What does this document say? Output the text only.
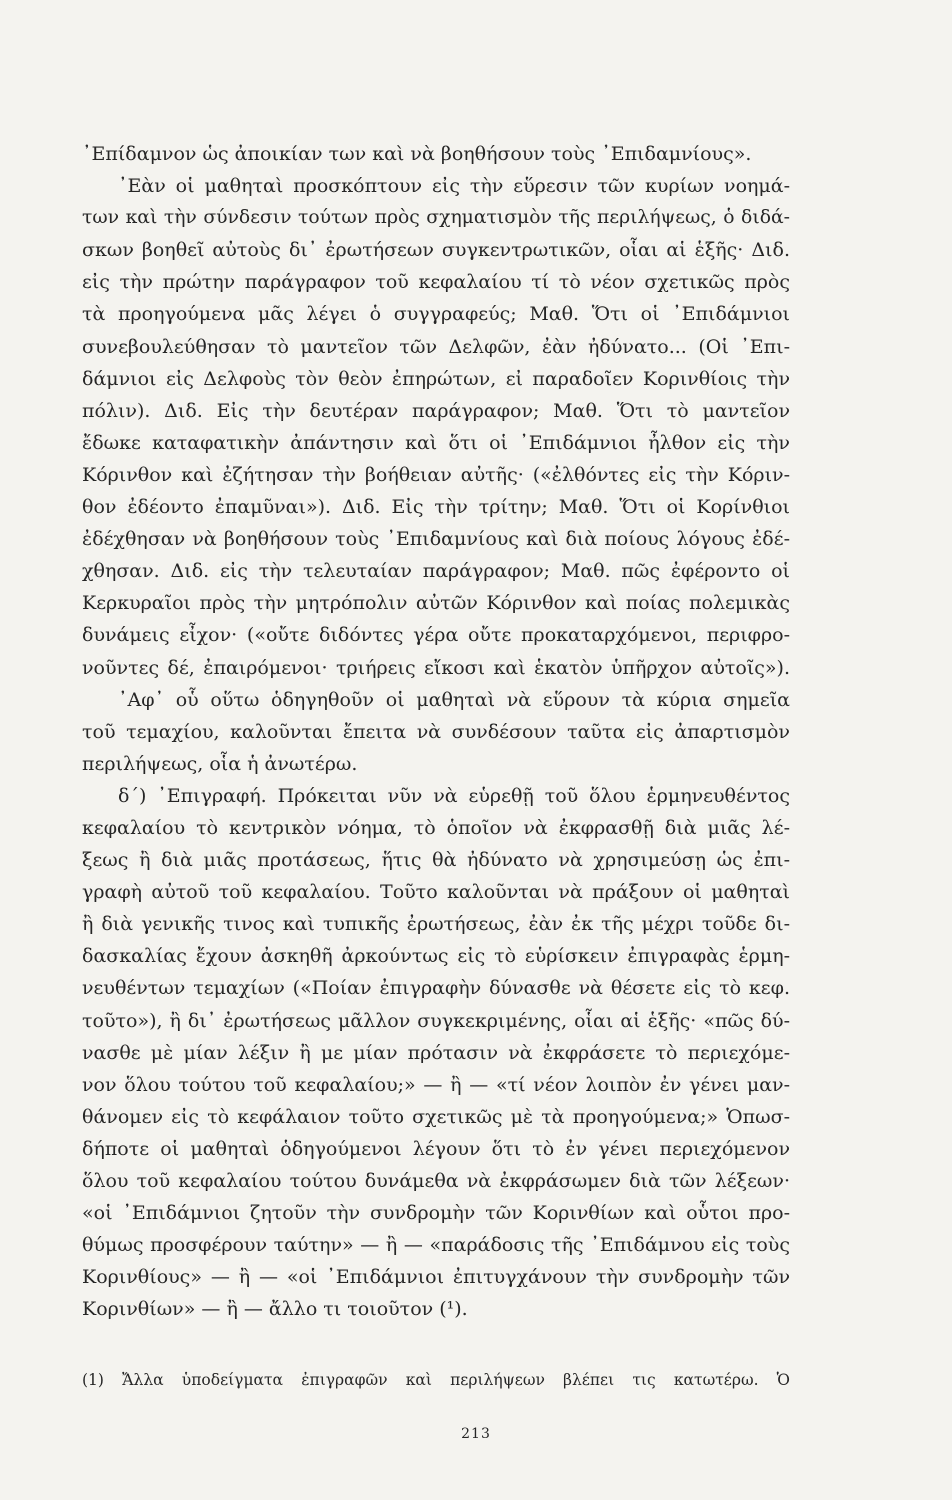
᾿Επίδαμνον ὡς ἀποικίαν των καὶ νὰ βοηθήσουν τοὺς ᾿Επιδαμνίους».
᾿Εὰν οἱ μαθηταὶ προσκόπτουν εἰς τὴν εὕρεσιν τῶν κυρίων νοημά-
των καὶ τὴν σύνδεσιν τούτων πρὸς σχηματισμὸν τῆς περιλήψεως, ὁ διδά-
σκων βοηθεῖ αὐτοὺς δι᾿ ἐρωτήσεων συγκεντρωτικῶν, οἷαι αἱ ἑξῆς· Διδ.
εἰς τὴν πρώτην παράγραφον τοῦ κεφαλαίου τί τὸ νέον σχετικῶς πρὸς
τὰ προηγούμενα μᾶς λέγει ὁ συγγραφεύς; Μαθ. Ὅτι οἱ ᾿Επιδάμνιοι
συνεβουλεύθησαν τὸ μαντεῖον τῶν Δελφῶν, ἐὰν ἠδύνατο... (Οἱ ᾿Επι-
δάμνιοι εἰς Δελφοὺς τὸν θεὸν ἐπηρώτων, εἰ παραδοῖεν Κορινθίοις τὴν
πόλιν). Διδ. Εἰς τὴν δευτέραν παράγραφον; Μαθ. Ὅτι τὸ μαντεῖον
ἔδωκε καταφατικὴν ἀπάντησιν καὶ ὅτι οἱ ᾿Επιδάμνιοι ἦλθον εἰς τὴν
Κόρινθον καὶ ἐζήτησαν τὴν βοήθειαν αὐτῆς· («ἐλθόντες εἰς τὴν Κόριν-
θον ἐδέοντο ἐπαμῦναι»). Διδ. Εἰς τὴν τρίτην; Μαθ. Ὅτι οἱ Κορίνθιοι
ἐδέχθησαν νὰ βοηθήσουν τοὺς ᾿Επιδαμνίους καὶ διὰ ποίους λόγους ἐδέ-
χθησαν. Διδ. εἰς τὴν τελευταίαν παράγραφον; Μαθ. πῶς ἐφέροντο οἱ
Κερκυραῖοι πρὸς τὴν μητρόπολιν αὐτῶν Κόρινθον καὶ ποίας πολεμικὰς
δυνάμεις εἶχον· («οὔτε διδόντες γέρα οὔτε προκαταρχόμενοι, περιφρο-
νοῦντες δέ, ἐπαιρόμενοι· τριήρεις εἴκοσι καὶ ἑκατὸν ὑπῆρχον αὐτοῖς»).
᾿Αφ᾿ οὗ οὕτω ὁδηγηθοῦν οἱ μαθηταὶ νὰ εὕρουν τὰ κύρια σημεῖα
τοῦ τεμαχίου, καλοῦνται ἔπειτα νὰ συνδέσουν ταῦτα εἰς ἀπαρτισμὸν
περιλήψεως, οἷα ἡ ἀνωτέρω.
δ΄) ᾿Επιγραφή. Πρόκειται νῦν νὰ εὑρεθῇ τοῦ ὅλου ἑρμηνευθέντος
κεφαλαίου τὸ κεντρικὸν νόημα, τὸ ὁποῖον νὰ ἐκφρασθῇ διὰ μιᾶς λέ-
ξεως ἢ διὰ μιᾶς προτάσεως, ἥτις θὰ ἠδύνατο νὰ χρησιμεύσῃ ὡς ἐπι-
γραφὴ αὐτοῦ τοῦ κεφαλαίου. Τοῦτο καλοῦνται νὰ πράξουν οἱ μαθηταὶ
ἢ διὰ γενικῆς τινος καὶ τυπικῆς ἐρωτήσεως, ἐὰν ἐκ τῆς μέχρι τοῦδε δι-
δασκαλίας ἔχουν ἀσκηθῆ ἀρκούντως εἰς τὸ εὑρίσκειν ἐπιγραφὰς ἑρμη-
νευθέντων τεμαχίων («Ποίαν ἐπιγραφὴν δύνασθε νὰ θέσετε εἰς τὸ κεφ.
τοῦτο»), ἢ δι᾿ ἐρωτήσεως μᾶλλον συγκεκριμένης, οἷαι αἱ ἑξῆς· «πῶς δύ-
νασθε μὲ μίαν λέξιν ἢ με μίαν πρότασιν νὰ ἐκφράσετε τὸ περιεχόμε-
νον ὅλου τούτου τοῦ κεφαλαίου;» — ἢ — «τί νέον λοιπὸν ἐν γένει μαν-
θάνομεν εἰς τὸ κεφάλαιον τοῦτο σχετικῶς μὲ τὰ προηγούμενα;» Ὁπωσ-
δήποτε οἱ μαθηταὶ ὁδηγούμενοι λέγουν ὅτι τὸ ἐν γένει περιεχόμενον
ὅλου τοῦ κεφαλαίου τούτου δυνάμεθα νὰ ἐκφράσωμεν διὰ τῶν λέξεων·
«οἱ ᾿Επιδάμνιοι ζητοῦν τὴν συνδρομὴν τῶν Κορινθίων καὶ οὗτοι προ-
θύμως προσφέρουν ταύτην» — ἢ — «παράδοσις τῆς ᾿Επιδάμνου εἰς τοὺς
Κορινθίους» — ἢ — «οἱ ᾿Επιδάμνιοι ἐπιτυγχάνουν τὴν συνδρομὴν τῶν
Κορινθίων» — ἢ — ἄλλο τι τοιοῦτον (¹).
(1) Ἄλλα ὑποδείγματα ἐπιγραφῶν καὶ περιλήψεων βλέπει τις κατωτέρω. Ὁ
213
